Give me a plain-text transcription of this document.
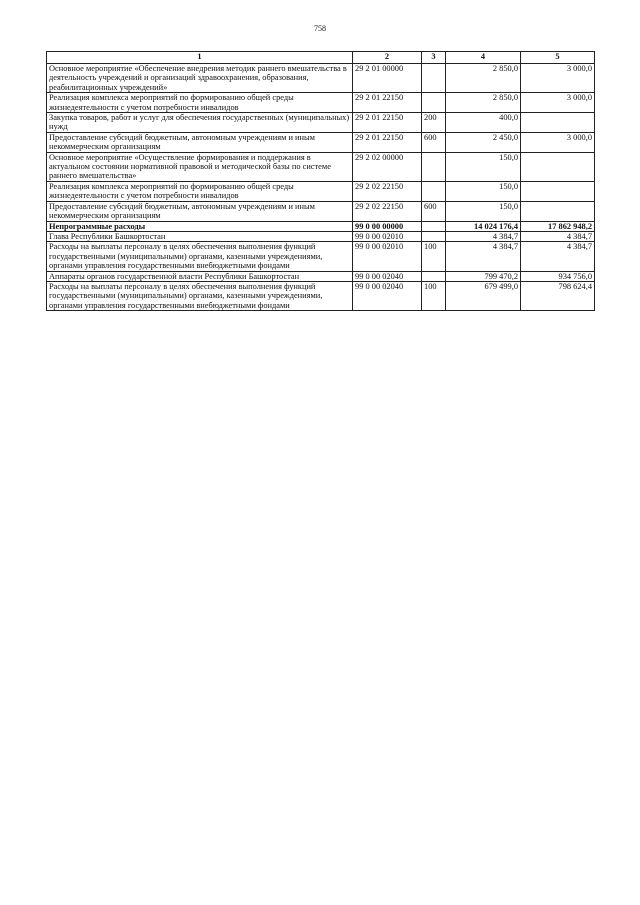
758
1	2	3	4	5
Основное мероприятие «Обеспечение внедрения методик раннего вмешательства в деятельность учреждений и организаций здравоохранения, образования, реабилитационных учреждений»	29 2 01 00000		2 850,0	3 000,0
Реализация комплекса мероприятий по формированию общей среды жизнедеятельности с учетом потребности инвалидов	29 2 01 22150		2 850,0	3 000,0
Закупка товаров, работ и услуг для обеспечения государственных (муниципальных) нужд	29 2 01 22150	200	400,0	
Предоставление субсидий бюджетным, автономным учреждениям и иным некоммерческим организациям	29 2 01 22150	600	2 450,0	3 000,0
Основное мероприятие «Осуществление формирования и поддержания в актуальном состоянии нормативной правовой и методической базы по системе раннего вмешательства»	29 2 02 00000		150,0	
Реализация комплекса мероприятий по формированию общей среды жизнедеятельности с учетом потребности инвалидов	29 2 02 22150		150,0	
Предоставление субсидий бюджетным, автономным учреждениям и иным некоммерческим организациям	29 2 02 22150	600	150,0	
Непрограммные расходы	99 0 00 00000		14 024 176,4	17 862 948,2
Глава Республики Башкортостан	99 0 00 02010		4 384,7	4 384,7
Расходы на выплаты персоналу в целях обеспечения выполнения функций государственными (муниципальными) органами, казенными учреждениями, органами управления государственными внебюджетными фондами	99 0 00 02010	100	4 384,7	4 384,7
Аппараты органов государственной власти Республики Башкортостан	99 0 00 02040		799 470,2	934 756,0
Расходы на выплаты персоналу в целях обеспечения выполнения функций государственными (муниципальными) органами, казенными учреждениями, органами управления государственными внебюджетными фондами	99 0 00 02040	100	679 499,0	798 624,4
